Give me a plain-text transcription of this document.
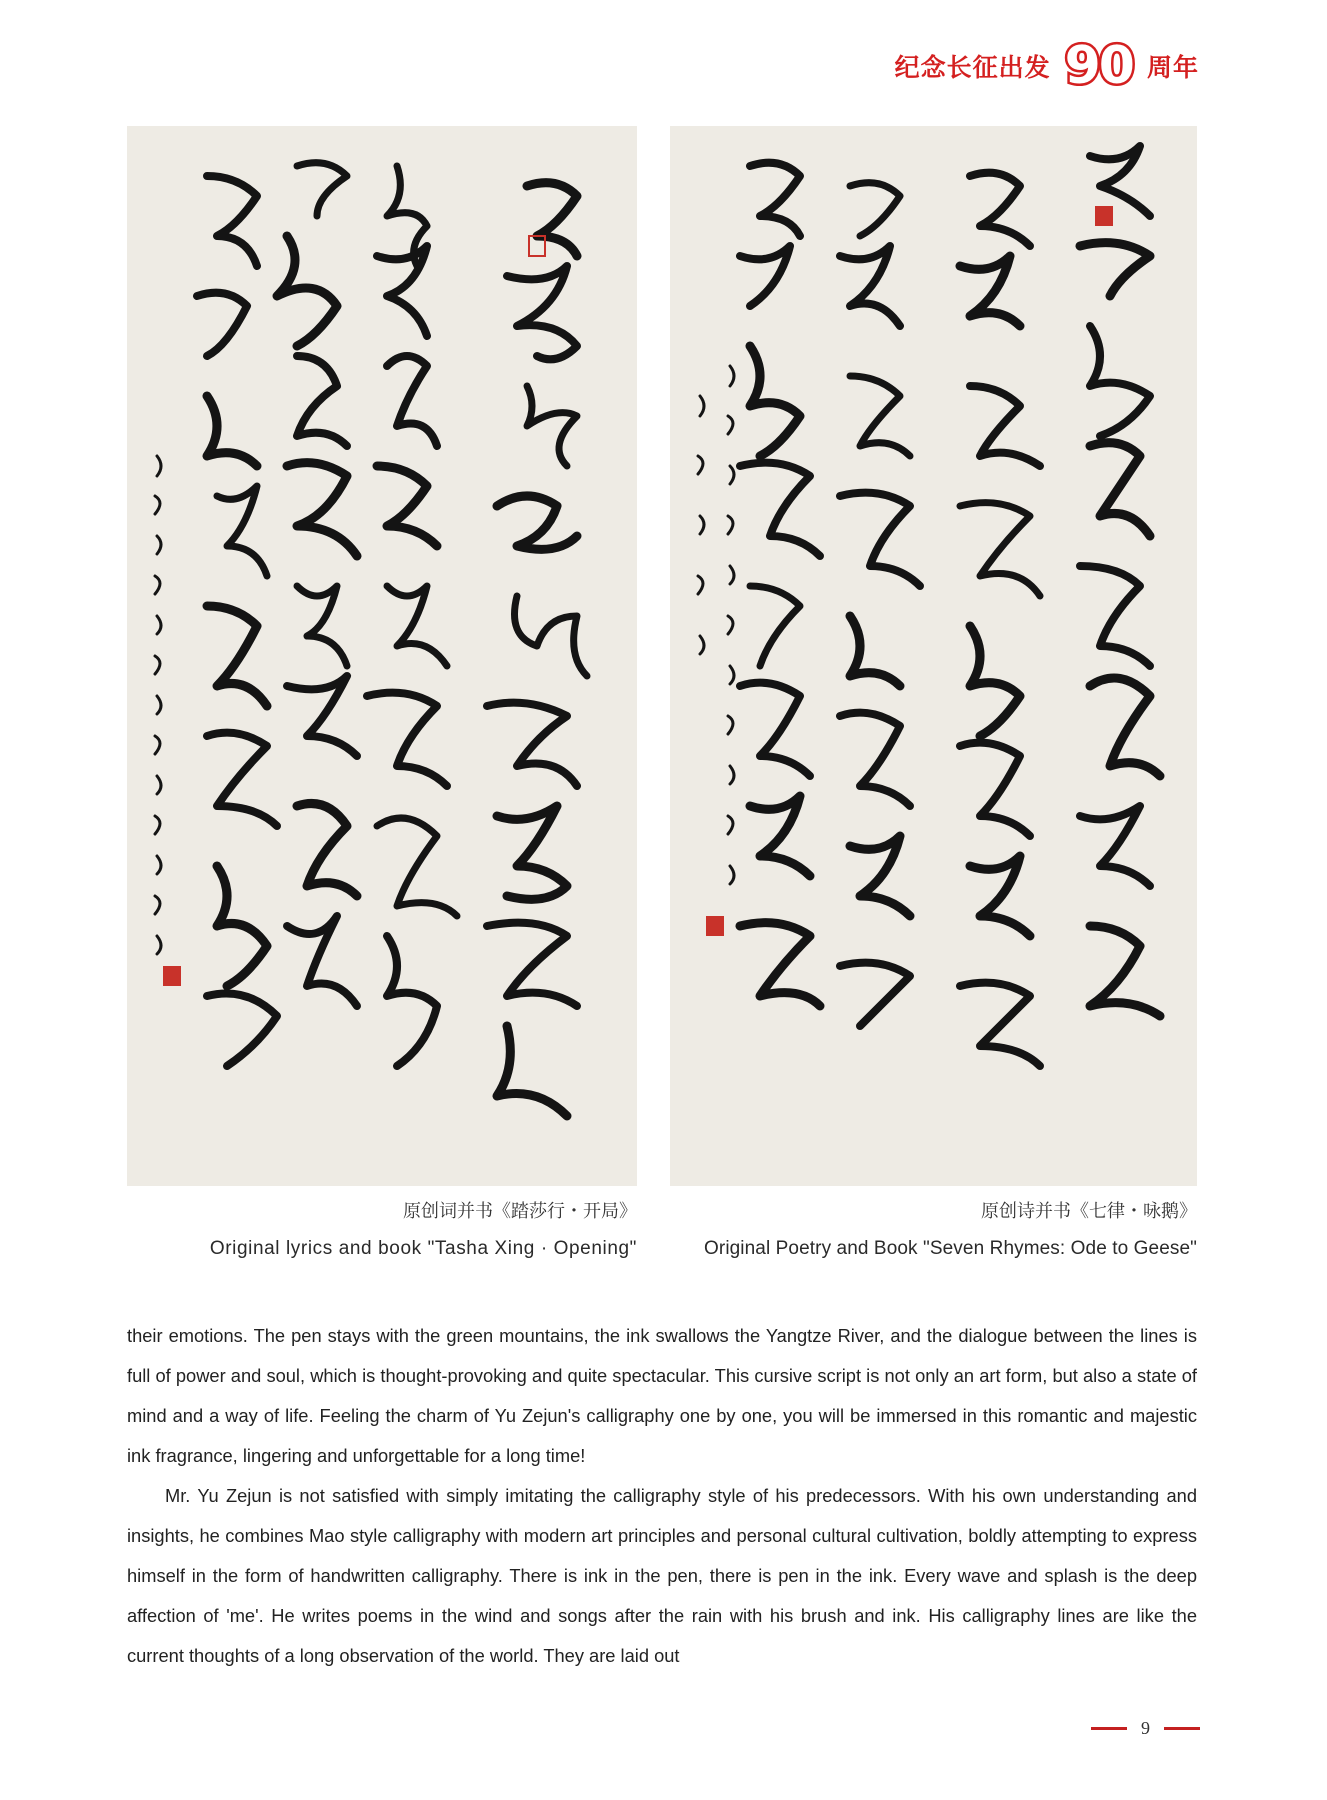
纪念长征出发 90 周年
原创词并书《踏莎行・开局》
Original lyrics and book "Tasha Xing · Opening"
原创诗并书《七律・咏鹅》
Original Poetry and Book "Seven Rhymes: Ode to Geese"

their emotions. The pen stays with the green mountains, the ink swallows the Yangtze River, and the dialogue between the lines is full of power and soul, which is thought-provoking and quite spectacular. This cursive script is not only an art form, but also a state of mind and a way of life. Feeling the charm of Yu Zejun's calligraphy one by one, you will be immersed in this romantic and majestic ink fragrance, lingering and unforgettable for a long time!

Mr. Yu Zejun is not satisfied with simply imitating the calligraphy style of his predecessors. With his own understanding and insights, he combines Mao style calligraphy with modern art principles and personal cultural cultivation, boldly attempting to express himself in the form of handwritten calligraphy. There is ink in the pen, there is pen in the ink. Every wave and splash is the deep affection of 'me'. He writes poems in the wind and songs after the rain with his brush and ink. His calligraphy lines are like the current thoughts of a long observation of the world. They are laid out

9
